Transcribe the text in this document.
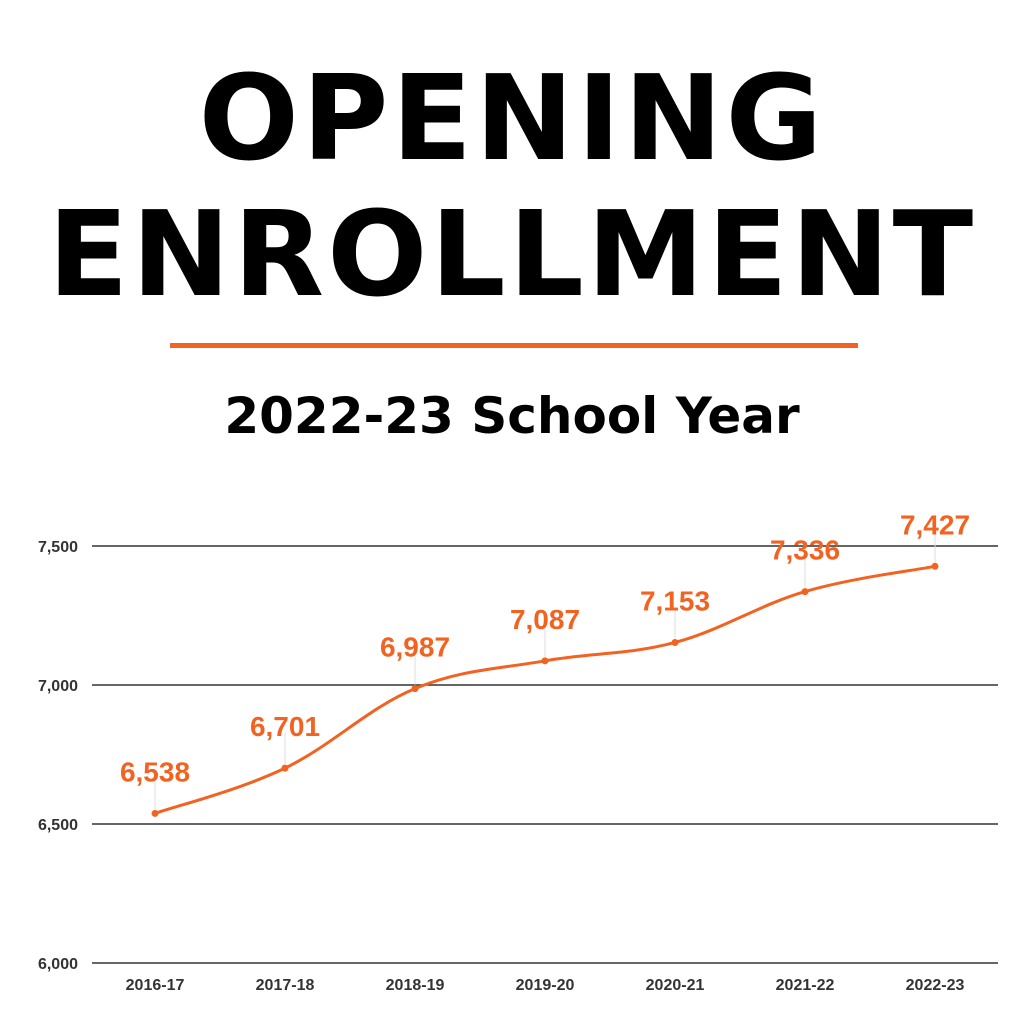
OPENING
ENROLLMENT
2022-23 School Year
6,000
6,500
7,000
7,500
2016-17	2017-18	2018-19	2019-20	2020-21	2021-22	2022-23
6,538
6,701
6,987
7,087
7,153
7,336
7,427
